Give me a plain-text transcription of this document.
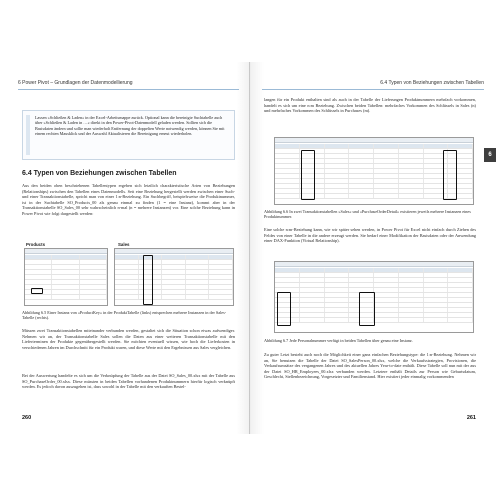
6 Power Pivot – Grundlagen der Datenmodellierung
Lassen »Schließen & Laden« in der Excel-Arbeitsmappe zurück. Optional kann die bereinigte Suchtabelle auch über »Schließen & Laden in …« direkt in den Power-Pivot-Datenmodell geladen werden. Sollten sich die Basisdaten ändern und sollte man wiederholt Entfernung der doppelten Werte notwendig werden, können Sie mit einem rechten Mausklick und der Auswahl Aktualisieren die Bereinigung erneut wiederholen.
6.4 Typen von Beziehungen zwischen Tabellen
Aus den beiden oben beschriebenen Tabellentypen ergeben sich letztlich charakteristische Arten von Beziehungen (Relationships) zwischen den Tabellen eines Datenmodells. Seit eine Beziehung hergestellt werden zwischen einer Such- und einer Transaktionstabelle, spricht man von einer 1:n-Beziehung. Ein Suchbegriff, beispielsweise die Produktnummer, ist in der Suchtabelle SO_Products_00 als genau einmal zu finden (1 = eine Instanz), kommt aber in der Transaktionstabelle SO_Sales_00 sehr wahrscheinlich n-mal (n = mehrere Instanzen) vor. Eine solche Beziehung kann in Power Pivot wie folgt dargestellt werden:
Products	Sales
Abbildung 6.5 Einer Instanz von »ProductKey« in der ProduktTabelle (links) entsprechen mehrere Instanzen in der Sales-Tabelle (rechts).
Müssen zwei Transaktionstabellen miteinander verbunden werden, gestaltet sich die Situation schon etwas aufwendiger. Nehmen wir an, der Transaktionstabelle Sales sollen die Daten aus einer weiteren Transaktionstabelle mit den Lieferterminen der Produkte gegenübergestellt werden. Sie möchten eventuell wissen, wie hoch die Lieferkosten in verschiedenen Jahren im Durchschnitt für ein Produkt waren, und diese Werte mit den Ergebnissen aus Sales vergleichen.
Bei der Auswertung handelte es sich um die Verknüpfung der Tabelle aus der Datei SO_Sales_00.xlsx mit der Tabelle aus SO_PurchaseOrder_00.xlsx. Diese müssten in beiden Tabellen vorhandenen Produktnummern hierfür logisch verknüpft werden. Es jedoch davon auszugehen ist, dass sowohl in der Tabelle mit den verkauften Bestel-
260
6.4 Typen von Beziehungen zwischen Tabellen
6
langen für ein Produkt enthalten sind als auch in der Tabelle der Lieferungen Produktnummern mehrfach vorkommen, handelt es sich um eine n:m Beziehung. Zwischen beiden Tabellen: mehrfaches Vorkommen des Schlüssels in Sales (n) und mehrfaches Vorkommen des Schlüssels in Purchases (m).
Abbildung 6.6 In zwei Transaktionstabellen »Sales« und »PurchaseOrderDetail« existieren jeweils mehrere Instanzen eines Produktnummer.
Eine solche n:m-Beziehung kann, wie wir später sehen werden, in Power Pivot für Excel nicht einfach durch Ziehen des Feldes von einer Tabelle in die andere erzeugt werden. Sie bedarf einer Modifikation der Basisdaten oder der Anwendung einer DAX-Funktion (Virtual Relationship).
Abbildung 6.7 Jede Personalnummer verfügt in beiden Tabellen über genau eine Instanz.
Zu guter Letzt besteht auch noch die Möglichkeit einer ganz einfachen Beziehungstype: die 1:n-Beziehung. Nehmen wir an, Sie benutzen die Tabelle der Datei SO_SalesPerson_00.xlsx, welche die Verkaufsstrategien, Provisionen, die Verkaufsumsätze des vergangenen Jahres und des aktuellen Jahres Year-to-date enthält. Diese Tabelle soll nun mit der aus der Datei SO_HR_Employees_00.xlsx verbunden werden. Letztere enthält Details zur Person wie Geburtsdatum, Geschlecht, Stellenbezeichnung, Vorgesetzter und Familienstand. Hier existiert jeder einmalig vorkommenden
261
